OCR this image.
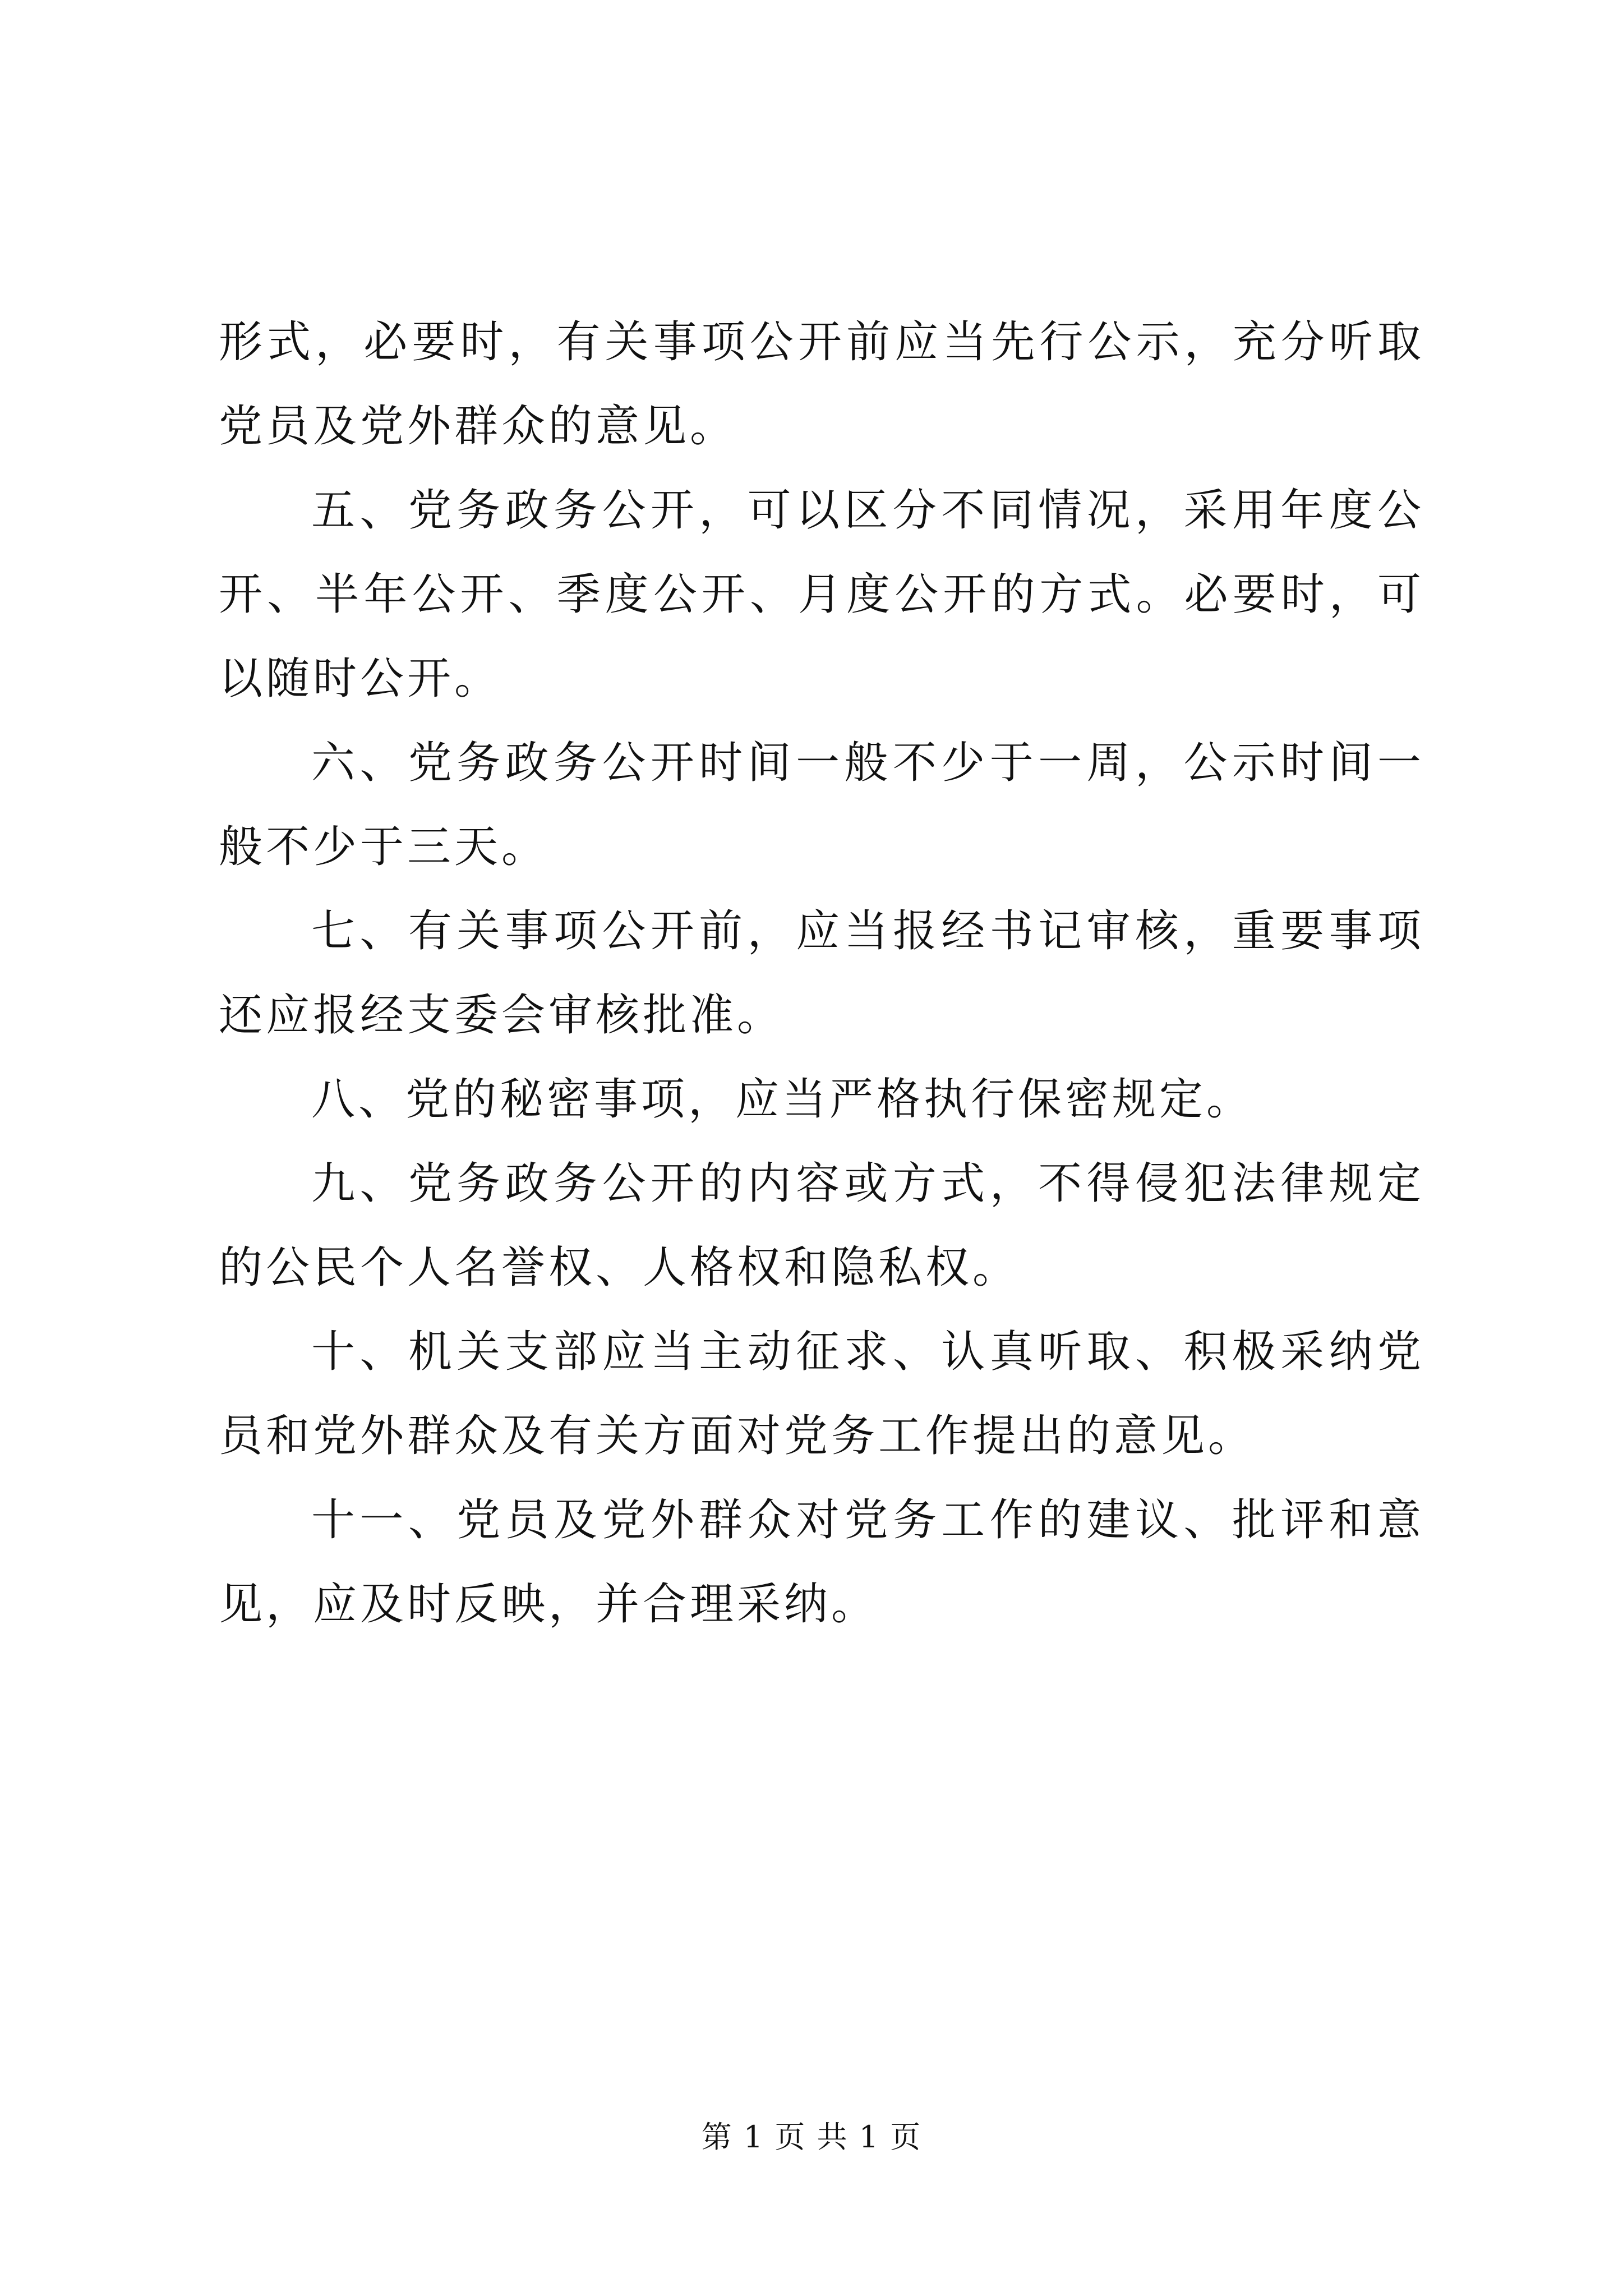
形式，必要时，有关事项公开前应当先行公示，充分听取党员及党外群众的意见。

五、党务政务公开，可以区分不同情况，采用年度公开、半年公开、季度公开、月度公开的方式。必要时，可以随时公开。

六、党务政务公开时间一般不少于一周，公示时间一般不少于三天。

七、有关事项公开前，应当报经书记审核，重要事项还应报经支委会审核批准。

八、党的秘密事项，应当严格执行保密规定。

九、党务政务公开的内容或方式，不得侵犯法律规定的公民个人名誉权、人格权和隐私权。

十、机关支部应当主动征求、认真听取、积极采纳党员和党外群众及有关方面对党务工作提出的意见。

十一、党员及党外群众对党务工作的建议、批评和意见，应及时反映，并合理采纳。

第 1 页 共 1 页
